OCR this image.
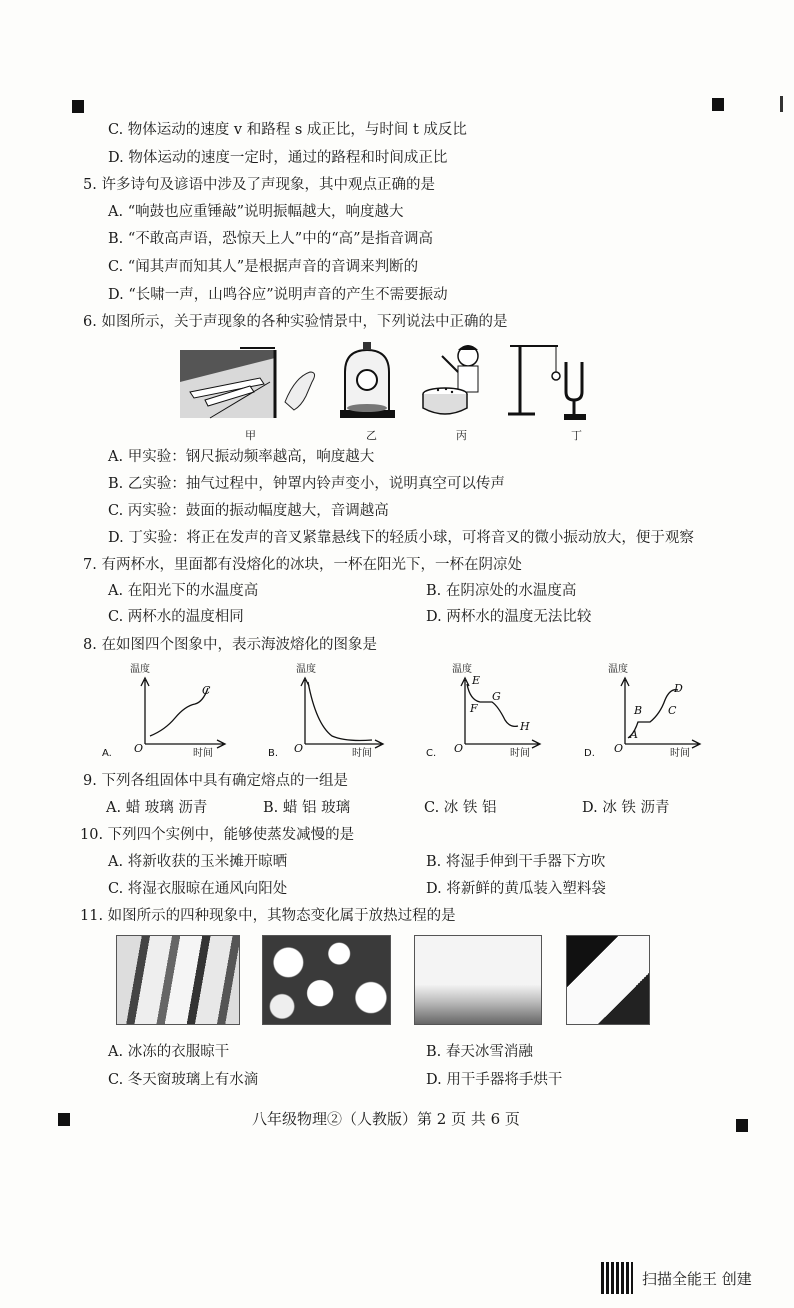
C. 物体运动的速度 v 和路程 s 成正比，与时间 t 成反比
D. 物体运动的速度一定时，通过的路程和时间成正比
5. 许多诗句及谚语中涉及了声现象，其中观点正确的是
A. “响鼓也应重锤敲”说明振幅越大，响度越大
B. “不敢高声语，恐惊天上人”中的“高”是指音调高
C. “闻其声而知其人”是根据声音的音调来判断的
D. “长啸一声，山鸣谷应”说明声音的产生不需要振动
6. 如图所示，关于声现象的各种实验情景中，下列说法中正确的是
甲	乙	丙	丁
A. 甲实验：钢尺振动频率越高，响度越大
B. 乙实验：抽气过程中，钟罩内铃声变小，说明真空可以传声
C. 丙实验：鼓面的振动幅度越大，音调越高
D. 丁实验：将正在发声的音叉紧靠悬线下的轻质小球，可将音叉的微小振动放大，便于观察
7. 有两杯水，里面都有没熔化的冰块，一杯在阳光下，一杯在阴凉处
A. 在阳光下的水温度高	B. 在阴凉处的水温度高
C. 两杯水的温度相同	D. 两杯水的温度无法比较
8. 在如图四个图象中，表示海波熔化的图象是
温度
C
O	时间
A.
温度
O	时间
B.
温度
E
F
G
H
O	时间
C.
温度
A
B C
D
O	时间
D.
9. 下列各组固体中具有确定熔点的一组是
A. 蜡 玻璃 沥青	B. 蜡 铝 玻璃	C. 冰 铁 铝	D. 冰 铁 沥青
10. 下列四个实例中，能够使蒸发减慢的是
A. 将新收获的玉米摊开晾晒	B. 将湿手伸到干手器下方吹
C. 将湿衣服晾在通风向阳处	D. 将新鲜的黄瓜装入塑料袋
11. 如图所示的四种现象中，其物态变化属于放热过程的是
A. 冰冻的衣服晾干	B. 春天冰雪消融
C. 冬天窗玻璃上有水滴	D. 用干手器将手烘干
八年级物理②（人教版）第 2 页 共 6 页
扫描全能王 创建
